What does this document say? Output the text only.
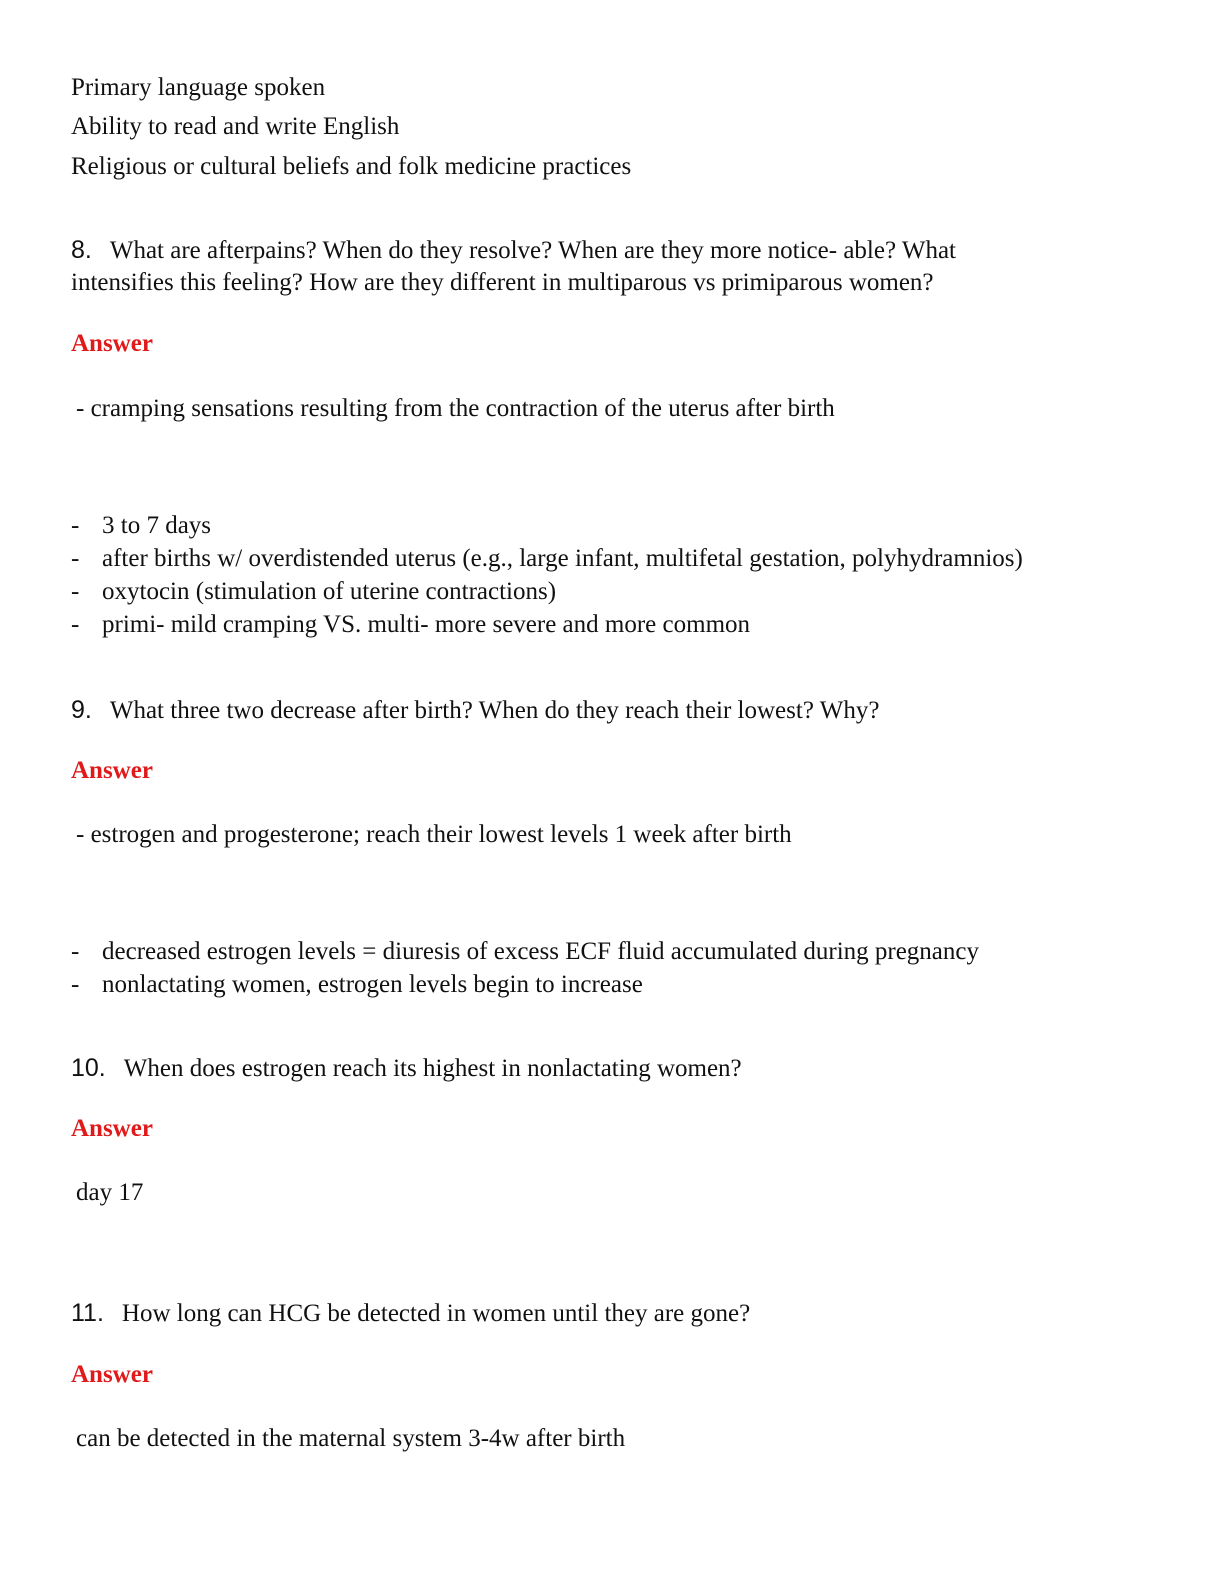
Primary language spoken
Ability to read and write English
Religious or cultural beliefs and folk medicine practices
8. What are afterpains? When do they resolve? When are they more notice- able? What
intensifies this feeling? How are they different in multiparous vs primiparous women?
Answer
- cramping sensations resulting from the contraction of the uterus after birth
- 3 to 7 days
- after births w/ overdistended uterus (e.g., large infant, multifetal gestation, polyhydramnios)
- oxytocin (stimulation of uterine contractions)
- primi- mild cramping VS. multi- more severe and more common
9. What three two decrease after birth? When do they reach their lowest? Why?
Answer
- estrogen and progesterone; reach their lowest levels 1 week after birth
- decreased estrogen levels = diuresis of excess ECF fluid accumulated during pregnancy
- nonlactating women, estrogen levels begin to increase
10. When does estrogen reach its highest in nonlactating women?
Answer
day 17
11. How long can HCG be detected in women until they are gone?
Answer
can be detected in the maternal system 3-4w after birth
